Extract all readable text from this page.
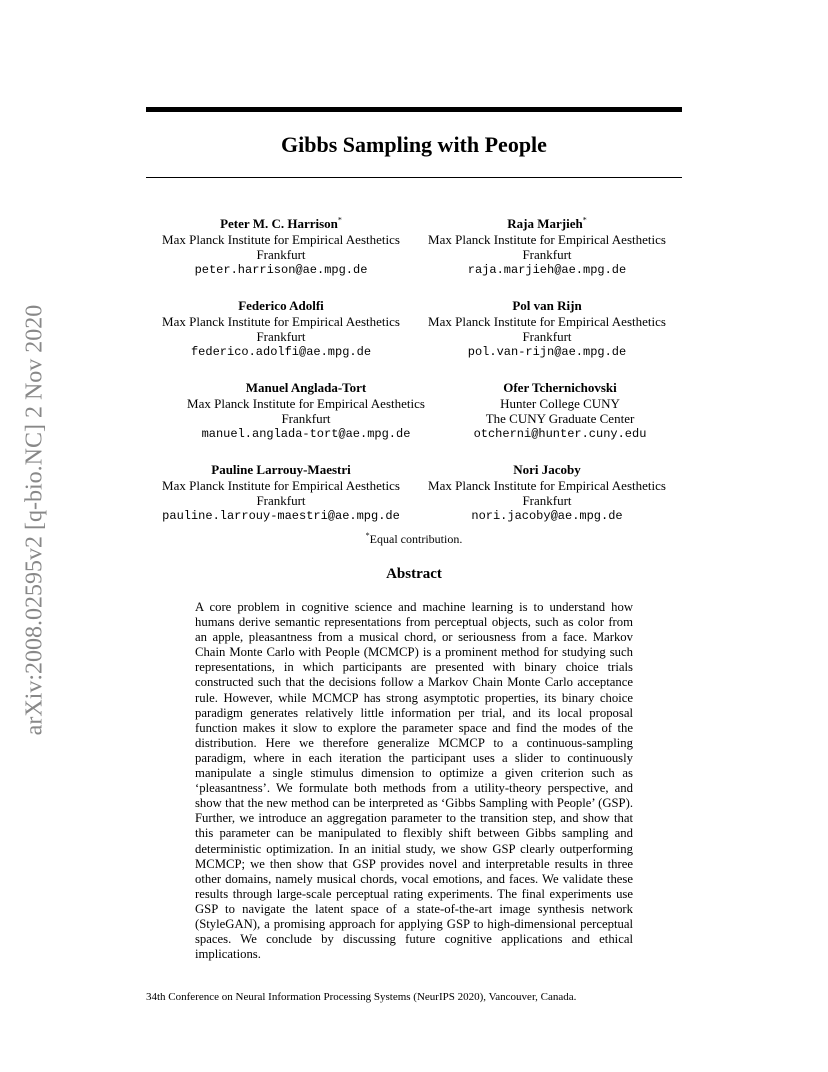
arXiv:2008.02595v2 [q-bio.NC] 2 Nov 2020
Gibbs Sampling with People
Peter M. C. Harrison*
Max Planck Institute for Empirical Aesthetics
Frankfurt
peter.harrison@ae.mpg.de
Raja Marjieh*
Max Planck Institute for Empirical Aesthetics
Frankfurt
raja.marjieh@ae.mpg.de
Federico Adolfi
Max Planck Institute for Empirical Aesthetics
Frankfurt
federico.adolfi@ae.mpg.de
Pol van Rijn
Max Planck Institute for Empirical Aesthetics
Frankfurt
pol.van-rijn@ae.mpg.de
Manuel Anglada-Tort
Max Planck Institute for Empirical Aesthetics
Frankfurt
manuel.anglada-tort@ae.mpg.de
Ofer Tchernichovski
Hunter College CUNY
The CUNY Graduate Center
otcherni@hunter.cuny.edu
Pauline Larrouy-Maestri
Max Planck Institute for Empirical Aesthetics
Frankfurt
pauline.larrouy-maestri@ae.mpg.de
Nori Jacoby
Max Planck Institute for Empirical Aesthetics
Frankfurt
nori.jacoby@ae.mpg.de
*Equal contribution.
Abstract
A core problem in cognitive science and machine learning is to understand how humans derive semantic representations from perceptual objects, such as color from an apple, pleasantness from a musical chord, or seriousness from a face. Markov Chain Monte Carlo with People (MCMCP) is a prominent method for studying such representations, in which participants are presented with binary choice trials constructed such that the decisions follow a Markov Chain Monte Carlo acceptance rule. However, while MCMCP has strong asymptotic properties, its binary choice paradigm generates relatively little information per trial, and its local proposal function makes it slow to explore the parameter space and find the modes of the distribution. Here we therefore generalize MCMCP to a continuous-sampling paradigm, where in each iteration the participant uses a slider to continuously manipulate a single stimulus dimension to optimize a given criterion such as ‘pleasantness’. We formulate both methods from a utility-theory perspective, and show that the new method can be interpreted as ‘Gibbs Sampling with People’ (GSP). Further, we introduce an aggregation parameter to the transition step, and show that this parameter can be manipulated to flexibly shift between Gibbs sampling and deterministic optimization. In an initial study, we show GSP clearly outperforming MCMCP; we then show that GSP provides novel and interpretable results in three other domains, namely musical chords, vocal emotions, and faces. We validate these results through large-scale perceptual rating experiments. The final experiments use GSP to navigate the latent space of a state-of-the-art image synthesis network (StyleGAN), a promising approach for applying GSP to high-dimensional perceptual spaces. We conclude by discussing future cognitive applications and ethical implications.
34th Conference on Neural Information Processing Systems (NeurIPS 2020), Vancouver, Canada.
